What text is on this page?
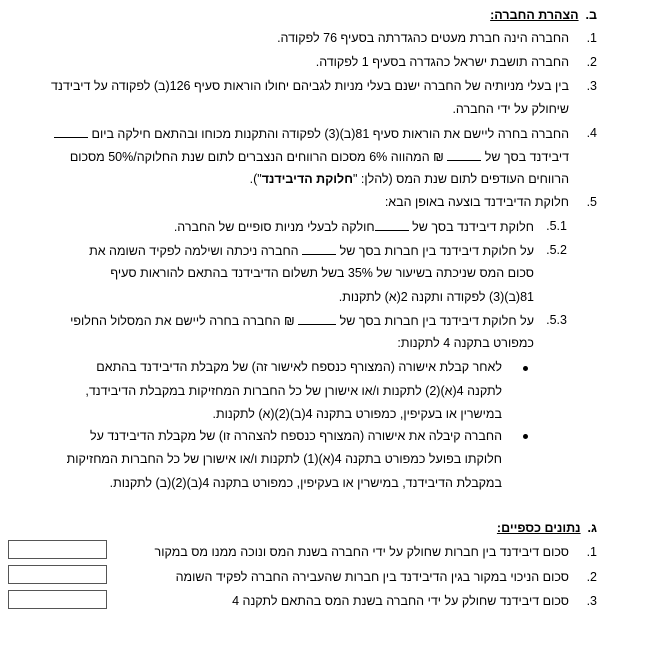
ב.  הצהרת החברה:
1.
החברה הינה חברת מעטים כהגדרתה בסעיף 76 לפקודה.
2.
החברה תושבת ישראל כהגדרה בסעיף 1 לפקודה.
3.
בין בעלי מניותיה של החברה ישנם בעלי מניות לגביהם יחולו הוראות סעיף 126(ב) לפקודה על דיבידנד
שיחולק על ידי החברה.
4.
החברה בחרה ליישם את הוראות סעיף 81(ב)(3) לפקודה והתקנות מכוחו ובהתאם חילקה ביום
דיבידנד בסך של  ₪ המהווה 6% מסכום הרווחים הנצברים לתום שנת החלוקה/50% מסכום
הרווחים העודפים לתום שנת המס (להלן: "חלוקת הדיבידנד").
5.
חלוקת הדיבידנד בוצעה באופן הבא:
5.1.
חלוקת דיבידנד בסך של חולקה לבעלי מניות סופיים של החברה.
5.2.
על חלוקת דיבידנד בין חברות בסך של  החברה ניכתה ושילמה לפקיד השומה את
סכום המס שניכתה בשיעור של 35% בשל תשלום הדיבידנד בהתאם להוראות סעיף
81(ב)(3) לפקודה ותקנה 2(א) לתקנות.
5.3.
על חלוקת דיבידנד בין חברות בסך של  ₪ החברה בחרה ליישם את המסלול החלופי
כמפורט בתקנה 4 לתקנות:
לאחר קבלת אישורה (המצורף כנספח לאישור זה) של מקבלת הדיבידנד בהתאם
לתקנה 4(א)(2) לתקנות ו/או אישורן של כל החברות המחזיקות במקבלת הדיבידנד,
במישרין או בעקיפין, כמפורט בתקנה 4(ב)(2)(א) לתקנות.
החברה קיבלה את אישורה (המצורף כנספח להצהרה זו) של מקבלת הדיבידנד על
חלוקתו בפועל כמפורט בתקנה 4(א)(1) לתקנות ו/או אישורן של כל החברות המחזיקות
במקבלת הדיבידנד, במישרין או בעקיפין, כמפורט בתקנה 4(ב)(2)(ב) לתקנות.
ג.  נתונים כספיים:
1.
סכום דיבידנד בין חברות שחולק על ידי החברה בשנת המס ונוכה ממנו מס במקור
2.
סכום הניכוי במקור בגין הדיבידנד בין חברות שהעבירה החברה לפקיד השומה
3.
סכום דיבידנד שחולק על ידי החברה בשנת המס בהתאם לתקנה 4
